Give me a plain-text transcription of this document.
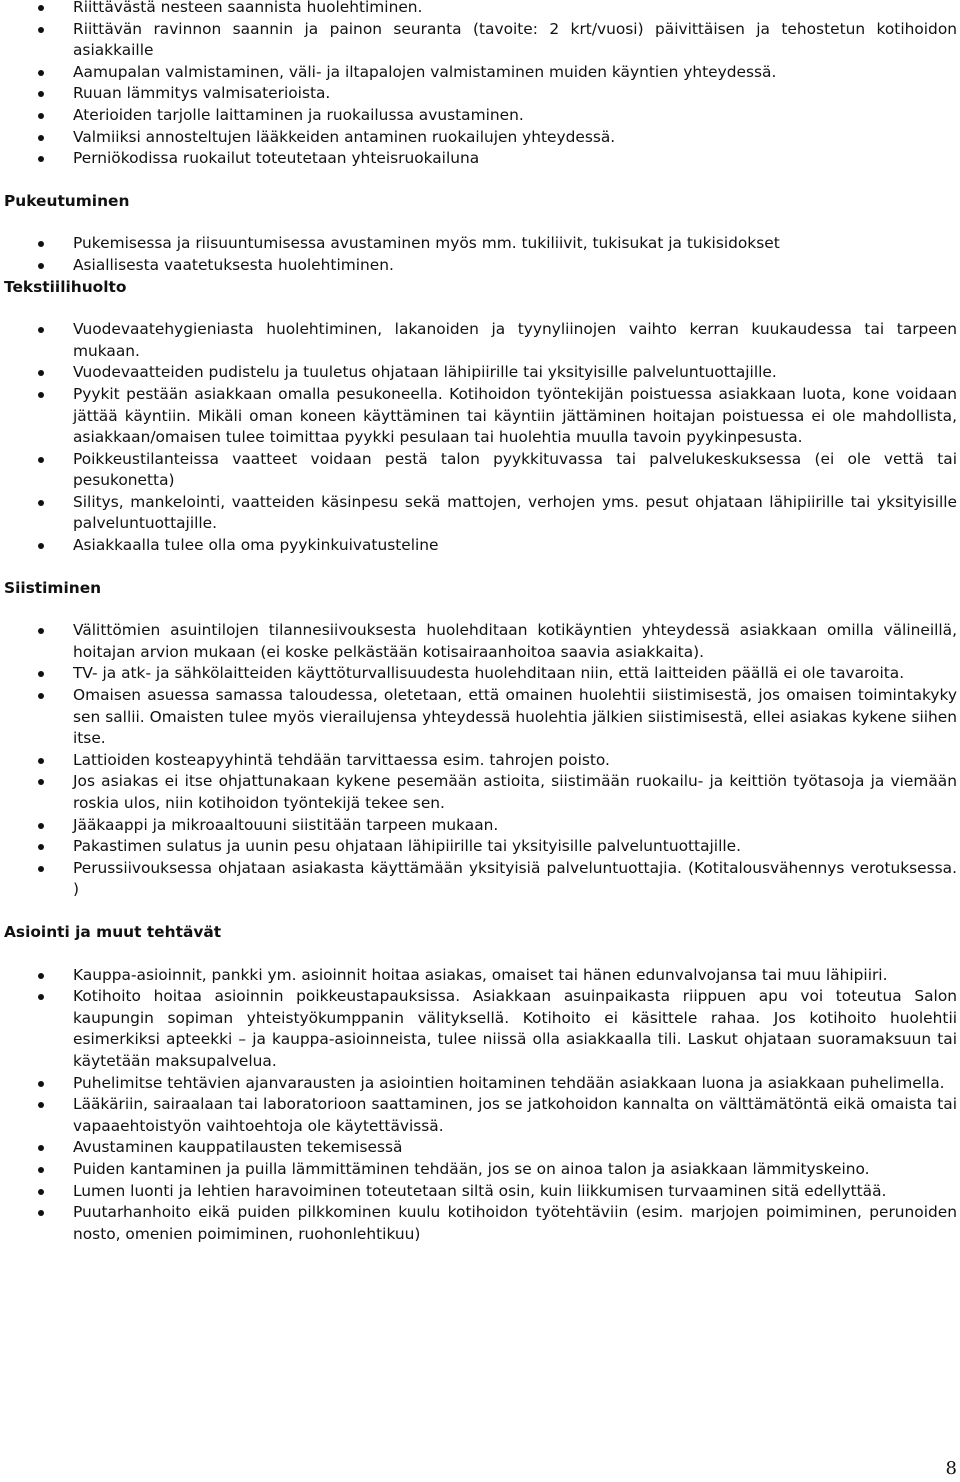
Riittävästä nesteen saannista huolehtiminen.
Riittävän ravinnon saannin ja painon seuranta (tavoite: 2 krt/vuosi) päivittäisen ja tehostetun kotihoidon asiakkaille
Aamupalan valmistaminen, väli- ja iltapalojen valmistaminen muiden käyntien yhteydessä.
Ruuan lämmitys valmisaterioista.
Aterioiden tarjolle laittaminen ja ruokailussa avustaminen.
Valmiiksi annosteltujen lääkkeiden antaminen ruokailujen yhteydessä.
Perniökodissa ruokailut toteutetaan yhteisruokailuna
Pukeutuminen
Pukemisessa ja riisuuntumisessa avustaminen myös mm. tukiliivit, tukisukat ja tukisidokset
Asiallisesta vaatetuksesta huolehtiminen.
Tekstiilihuolto
Vuodevaatehygieniasta huolehtiminen, lakanoiden ja tyynyliinojen vaihto kerran kuukaudessa tai tarpeen mukaan.
Vuodevaatteiden pudistelu ja tuuletus ohjataan lähipiirille tai yksityisille palveluntuottajille.
Pyykit pestään asiakkaan omalla pesukoneella. Kotihoidon työntekijän poistuessa asiakkaan luota, kone voidaan jättää käyntiin. Mikäli oman koneen käyttäminen tai käyntiin jättäminen hoitajan poistuessa ei ole mahdollista, asiakkaan/omaisen tulee toimittaa pyykki pesulaan tai huolehtia muulla tavoin pyykinpesusta.
Poikkeustilanteissa vaatteet voidaan pestä talon pyykkituvassa tai palvelukeskuksessa (ei ole vettä tai pesukonetta)
Silitys, mankelointi, vaatteiden käsinpesu sekä mattojen, verhojen yms. pesut ohjataan lähipiirille tai yksityisille palveluntuottajille.
Asiakkaalla tulee olla oma pyykinkuivatusteline
Siistiminen
Välittömien asuintilojen tilannesiivouksesta huolehditaan kotikäyntien yhteydessä asiakkaan omilla välineillä, hoitajan arvion mukaan (ei koske pelkästään kotisairaanhoitoa saavia asiakkaita).
TV- ja atk- ja sähkölaitteiden käyttöturvallisuudesta huolehditaan niin, että laitteiden päällä ei ole tavaroita.
Omaisen asuessa samassa taloudessa, oletetaan, että omainen huolehtii siistimisestä, jos omaisen toimintakyky sen sallii. Omaisten tulee myös vierailujensa yhteydessä huolehtia jälkien siistimisestä, ellei asiakas kykene siihen itse.
Lattioiden kosteapyyhintä tehdään tarvittaessa esim. tahrojen poisto.
Jos asiakas ei itse ohjattunakaan kykene pesemään astioita, siistimään ruokailu- ja keittiön työtasoja ja viemään roskia ulos, niin kotihoidon työntekijä tekee sen.
Jääkaappi ja mikroaaltouuni siistitään tarpeen mukaan.
Pakastimen sulatus ja uunin pesu ohjataan lähipiirille tai yksityisille palveluntuottajille.
Perussiivouksessa ohjataan asiakasta käyttämään yksityisiä palveluntuottajia. (Kotitalousvähennys verotuksessa. )
Asiointi ja muut tehtävät
Kauppa-asioinnit, pankki ym. asioinnit hoitaa asiakas, omaiset tai hänen edunvalvojansa tai muu lähipiiri.
Kotihoito hoitaa asioinnin poikkeustapauksissa. Asiakkaan asuinpaikasta riippuen apu voi toteutua Salon kaupungin sopiman yhteistyökumppanin välityksellä. Kotihoito ei käsittele rahaa. Jos kotihoito huolehtii esimerkiksi apteekki – ja kauppa-asioinneista, tulee niissä olla asiakkaalla tili. Laskut ohjataan suoramaksuun tai käytetään maksupalvelua.
Puhelimitse tehtävien ajanvarausten ja asiointien hoitaminen tehdään asiakkaan luona ja asiakkaan puhelimella.
Lääkäriin, sairaalaan tai laboratorioon saattaminen, jos se jatkohoidon kannalta on välttämätöntä eikä omaista tai vapaaehtoistyön vaihtoehtoja ole käytettävissä.
Avustaminen kauppatilausten tekemisessä
Puiden kantaminen ja puilla lämmittäminen tehdään, jos se on ainoa talon ja asiakkaan lämmityskeino.
Lumen luonti ja lehtien haravoiminen toteutetaan siltä osin, kuin liikkumisen turvaaminen sitä edellyttää.
Puutarhanhoito eikä puiden pilkkominen kuulu kotihoidon työtehtäviin (esim. marjojen poimiminen, perunoiden nosto, omenien poimiminen, ruohonlehtikuu)
8
